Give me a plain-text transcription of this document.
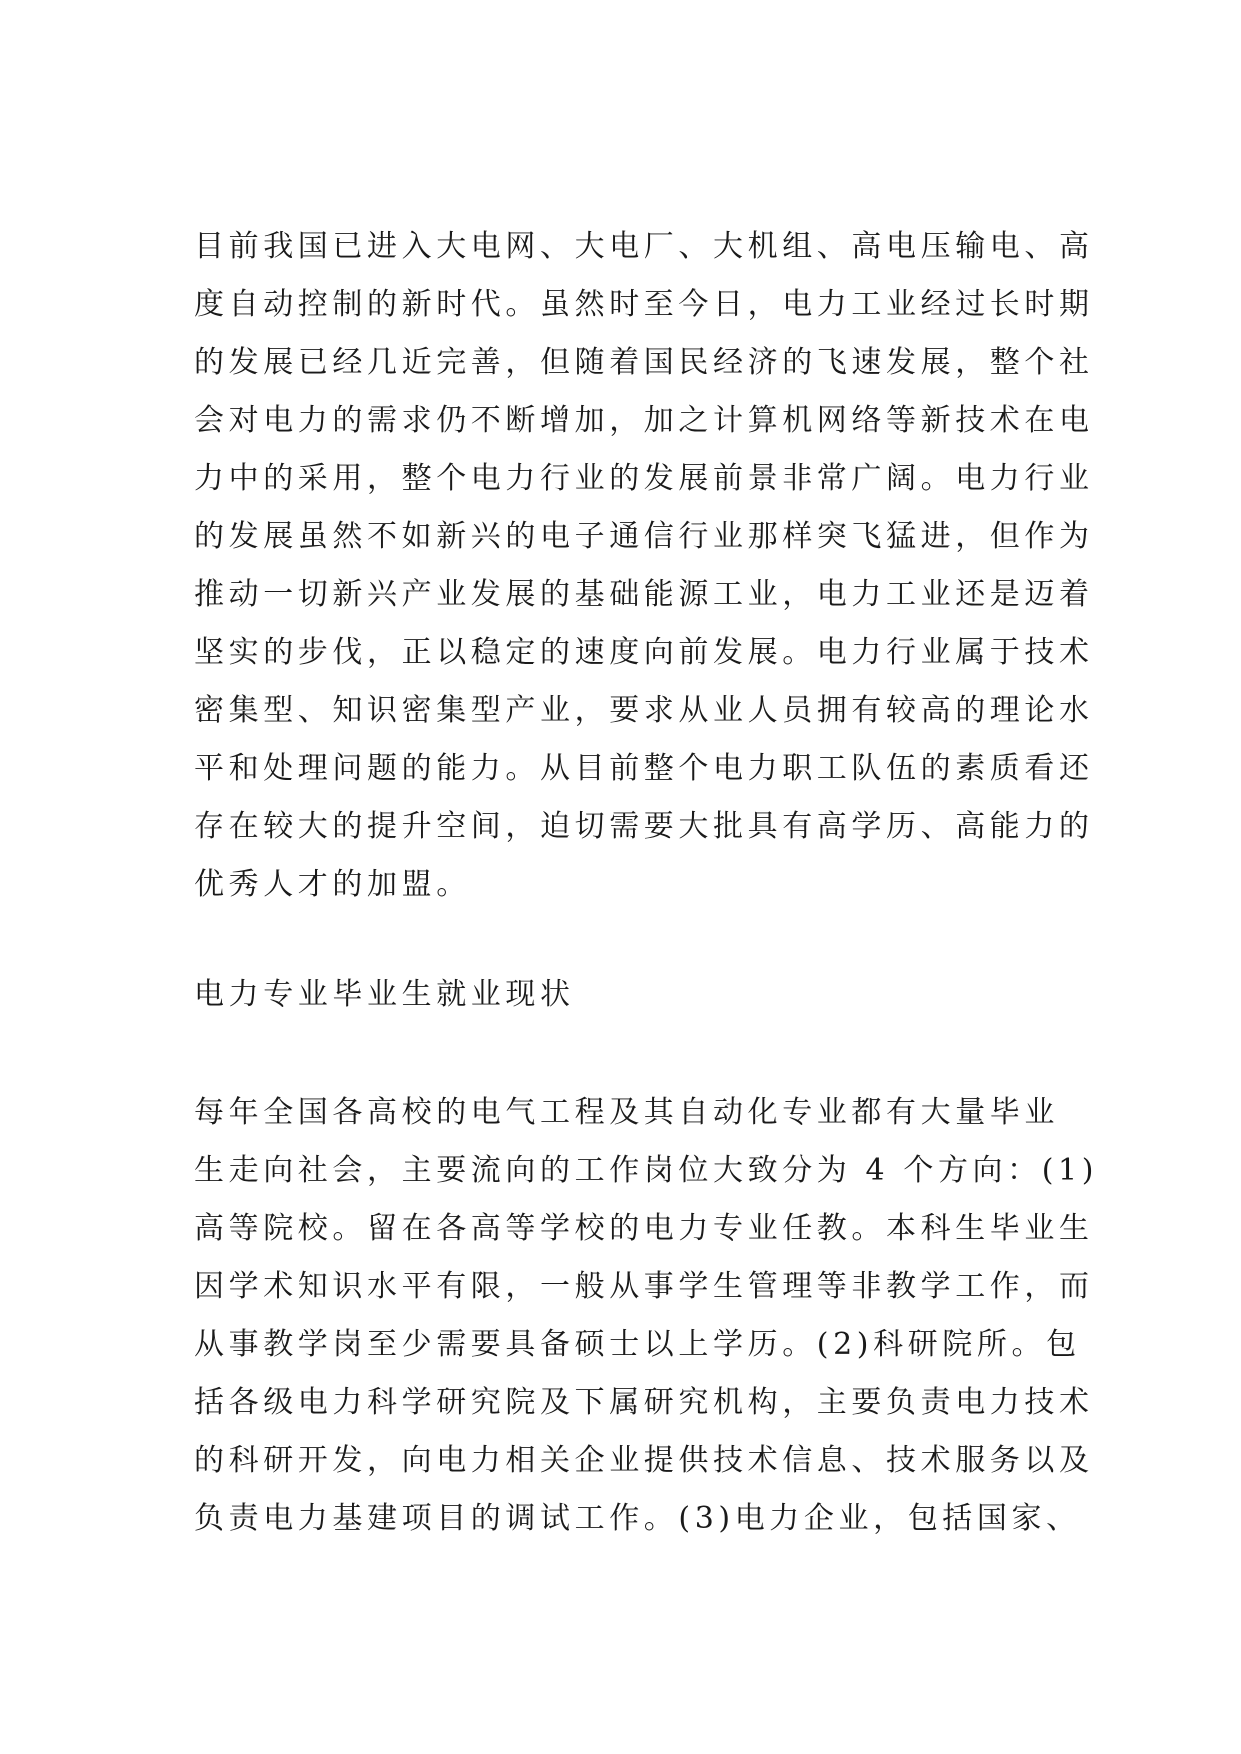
目前我国已进入大电网、大电厂、大机组、高电压输电、高
度自动控制的新时代。虽然时至今日，电力工业经过长时期
的发展已经几近完善，但随着国民经济的飞速发展，整个社
会对电力的需求仍不断增加，加之计算机网络等新技术在电
力中的采用，整个电力行业的发展前景非常广阔。电力行业
的发展虽然不如新兴的电子通信行业那样突飞猛进，但作为
推动一切新兴产业发展的基础能源工业，电力工业还是迈着
坚实的步伐，正以稳定的速度向前发展。电力行业属于技术
密集型、知识密集型产业，要求从业人员拥有较高的理论水
平和处理问题的能力。从目前整个电力职工队伍的素质看还
存在较大的提升空间，迫切需要大批具有高学历、高能力的
优秀人才的加盟。
电力专业毕业生就业现状
每年全国各高校的电气工程及其自动化专业都有大量毕业
生走向社会，主要流向的工作岗位大致分为 4 个方向：(1)
高等院校。留在各高等学校的电力专业任教。本科生毕业生
因学术知识水平有限，一般从事学生管理等非教学工作，而
从事教学岗至少需要具备硕士以上学历。(2)科研院所。包
括各级电力科学研究院及下属研究机构，主要负责电力技术
的科研开发，向电力相关企业提供技术信息、技术服务以及
负责电力基建项目的调试工作。(3)电力企业，包括国家、
